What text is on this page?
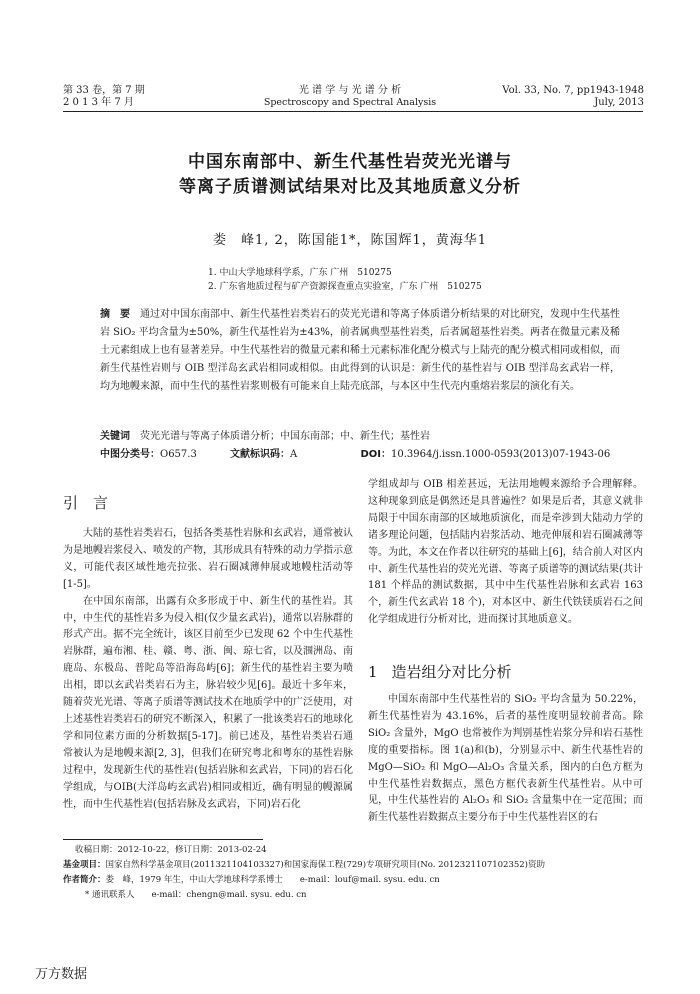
第 33 卷，第 7 期
2 0 1 3 年 7 月
光 谱 学 与 光 谱 分 析
Spectroscopy and Spectral Analysis
Vol. 33, No. 7, pp1943-1948
July, 2013
中国东南部中、新生代基性岩荧光光谱与
等离子质谱测试结果对比及其地质意义分析
娄　峰1, 2，陈国能1*，陈国辉1，黄海华1
1. 中山大学地球科学系，广东 广州　510275
2. 广东省地质过程与矿产资源探查重点实验室，广东 广州　510275
摘　要　 通过对中国东南部中、新生代基性岩类岩石的荧光光谱和等离子体质谱分析结果的对比研究，发现中生代基性岩 SiO₂ 平均含量为±50%，新生代基性岩为±43%，前者属典型基性岩类，后者属超基性岩类。两者在微量元素及稀土元素组成上也有显著差异。中生代基性岩的微量元素和稀土元素标准化配分模式与上陆壳的配分模式相同或相似，而新生代基性岩则与 OIB 型洋岛玄武岩相同或相似。由此得到的认识是：新生代的基性岩与 OIB 型洋岛玄武岩一样，均为地幔来源，而中生代的基性岩浆则极有可能来自上陆壳底部，与本区中生代壳内重熔岩浆层的演化有关。
关键词　 荧光光谱与等离子体质谱分析；中国东南部；中、新生代；基性岩
中图分类号：O657.3	文献标识码：A	DOI：10.3964/j.issn.1000-0593(2013)07-1943-06
引　言

大陆的基性岩类岩石，包括各类基性岩脉和玄武岩，通常被认为是地幔岩浆侵入、喷发的产物，其形成具有特殊的动力学指示意义，可能代表区域性地壳拉张、岩石圈减薄伸展或地幔柱活动等[1-5]。

在中国东南部，出露有众多形成于中、新生代的基性岩。其中，中生代的基性岩多为侵入相(仅少量玄武岩)，通常以岩脉群的形式产出。据不完全统计，该区目前至少已发现 62 个中生代基性岩脉群，遍布湘、桂、赣、粤、浙、闽、琼七省，以及涠洲岛、南鹿岛、东极岛、普陀岛等沿海岛屿[6]；新生代的基性岩主要为喷出相，即以玄武岩类岩石为主，脉岩较少见[6]。最近十多年来，随着荧光光谱、等离子质谱等测试技术在地质学中的广泛使用，对上述基性岩类岩石的研究不断深入，积累了一批该类岩石的地球化学和同位素方面的分析数据[5-17]。前已述及，基性岩类岩石通常被认为是地幔来源[2, 3]，但我们在研究粤北和粤东的基性岩脉过程中，发现新生代的基性岩(包括岩脉和玄武岩，下同)的岩石化学组成，与OIB(大洋岛屿玄武岩)相同或相近，确有明显的幔源属性，而中生代基性岩(包括岩脉及玄武岩，下同)岩石化

学组成却与 OIB 相差甚远，无法用地幔来源给予合理解释。这种现象到底是偶然还是具普遍性？如果是后者，其意义就非局限于中国东南部的区域地质演化，而是牵涉到大陆动力学的诸多理论问题，包括陆内岩浆活动、地壳伸展和岩石圈减薄等等。为此，本文在作者以往研究的基础上[6]，结合前人对区内中、新生代基性岩的荧光光谱、等离子质谱等的测试结果(共计 181 个样品的测试数据，其中中生代基性岩脉和玄武岩 163 个，新生代玄武岩 18 个)，对本区中、新生代铁镁质岩石之间化学组成进行分析对比，进而探讨其地质意义。

1 造岩组分对比分析

中国东南部中生代基性岩的 SiO₂ 平均含量为 50.22%，新生代基性岩为 43.16%，后者的基性度明显较前者高。除 SiO₂ 含量外，MgO 也常被作为判别基性岩浆分异和岩石基性度的重要指标。图 1(a)和(b)，分别显示中、新生代基性岩的 MgO—SiO₂ 和 MgO—Al₂O₃ 含量关系，图内的白色方框为中生代基性岩数据点，黑色方框代表新生代基性岩。从中可见，中生代基性岩的 Al₂O₃ 和 SiO₂ 含量集中在一定范围；而新生代基性岩数据点主要分布于中生代基性岩区的右

收稿日期：2012-10-22，修订日期：2013-02-24
基金项目：国家自然科学基金项目(2011321104103327)和国家海保工程(729)专项研究项目(No. 2012321107102352)资助
作者简介：娄　峰，1979 年生，中山大学地球科学系博士　　e-mail：louf@mail. sysu. edu. cn
* 通讯联系人　　e-mail：chengn@mail. sysu. edu. cn
万方数据
